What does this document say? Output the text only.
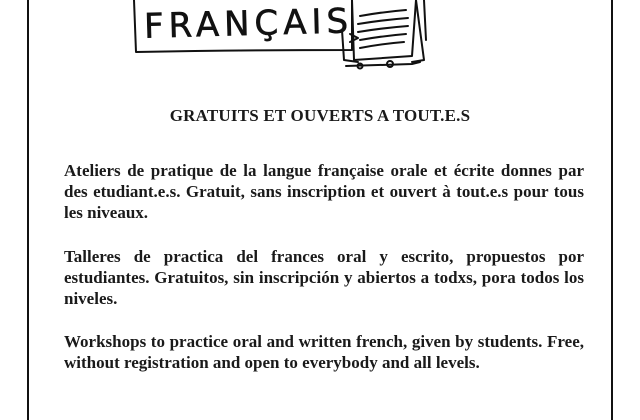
FRANÇAIS
GRATUITS ET OUVERTS A TOUT.E.S
Ateliers de pratique de la langue française orale et écrite donnes par des etudiant.e.s. Gratuit, sans inscription et ouvert à tout.e.s pour tous les niveaux.
Talleres de practica del frances oral y escrito, propuestos por estudiantes. Gratuitos, sin inscripción y abiertos a todxs, pora todos los niveles.
Workshops to practice oral and written french, given by students. Free, without registration and open to everybody and all levels.
